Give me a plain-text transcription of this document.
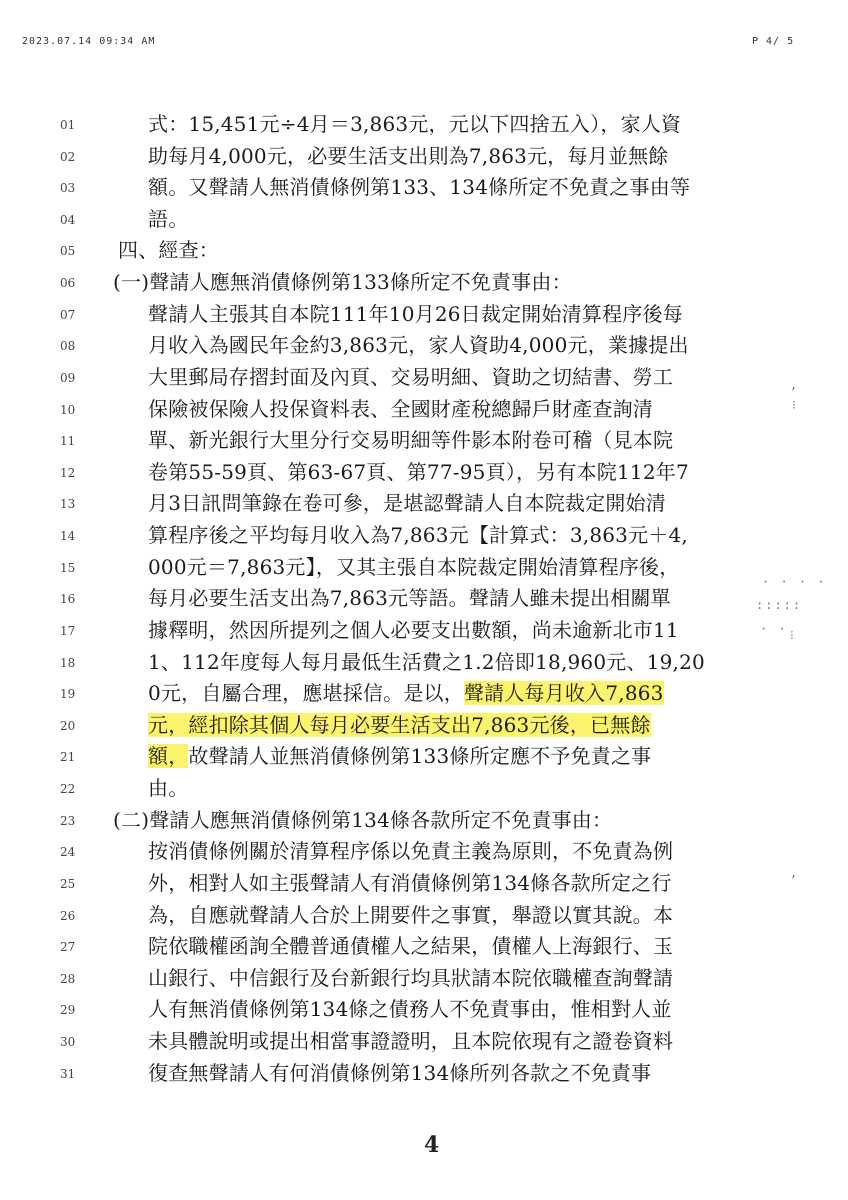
2023.07.14 09:34 AM	P 4/ 5
01	式：15,451元÷4月＝3,863元，元以下四捨五入），家人資
02	助每月4,000元，必要生活支出則為7,863元，每月並無餘
03	額。又聲請人無消債條例第133、134條所定不免責之事由等
04	語。
05	四、經查：
06	(一)聲請人應無消債條例第133條所定不免責事由：
07	聲請人主張其自本院111年10月26日裁定開始清算程序後每
08	月收入為國民年金約3,863元，家人資助4,000元，業據提出
09	大里郵局存摺封面及內頁、交易明細、資助之切結書、勞工
10	保險被保險人投保資料表、全國財產稅總歸戶財產查詢清
11	單、新光銀行大里分行交易明細等件影本附卷可稽（見本院
12	卷第55-59頁、第63-67頁、第77-95頁），另有本院112年7
13	月3日訊問筆錄在卷可參，是堪認聲請人自本院裁定開始清
14	算程序後之平均每月收入為7,863元【計算式：3,863元＋4,
15	000元＝7,863元】，又其主張自本院裁定開始清算程序後，
16	每月必要生活支出為7,863元等語。聲請人雖未提出相關單
17	據釋明，然因所提列之個人必要支出數額，尚未逾新北市11
18	1、112年度每人每月最低生活費之1.2倍即18,960元、19,20
19	0元，自屬合理，應堪採信。是以，聲請人每月收入7,863
20	元，經扣除其個人每月必要生活支出7,863元後，已無餘
21	額，故聲請人並無消債條例第133條所定應不予免責之事
22	由。
23	(二)聲請人應無消債條例第134條各款所定不免責事由：
24	按消債條例關於清算程序係以免責主義為原則，不免責為例
25	外，相對人如主張聲請人有消債條例第134條各款所定之行
26	為，自應就聲請人合於上開要件之事實，舉證以實其說。本
27	院依職權函詢全體普通債權人之結果，債權人上海銀行、玉
28	山銀行、中信銀行及台新銀行均具狀請本院依職權查詢聲請
29	人有無消債條例第134條之債務人不免責事由，惟相對人並
30	未具體說明或提出相當事證證明，且本院依現有之證卷資料
31	復查無聲請人有何消債條例第134條所列各款之不免責事
4
,
⁝
· · · ·
:::::
· · ⁝
,
